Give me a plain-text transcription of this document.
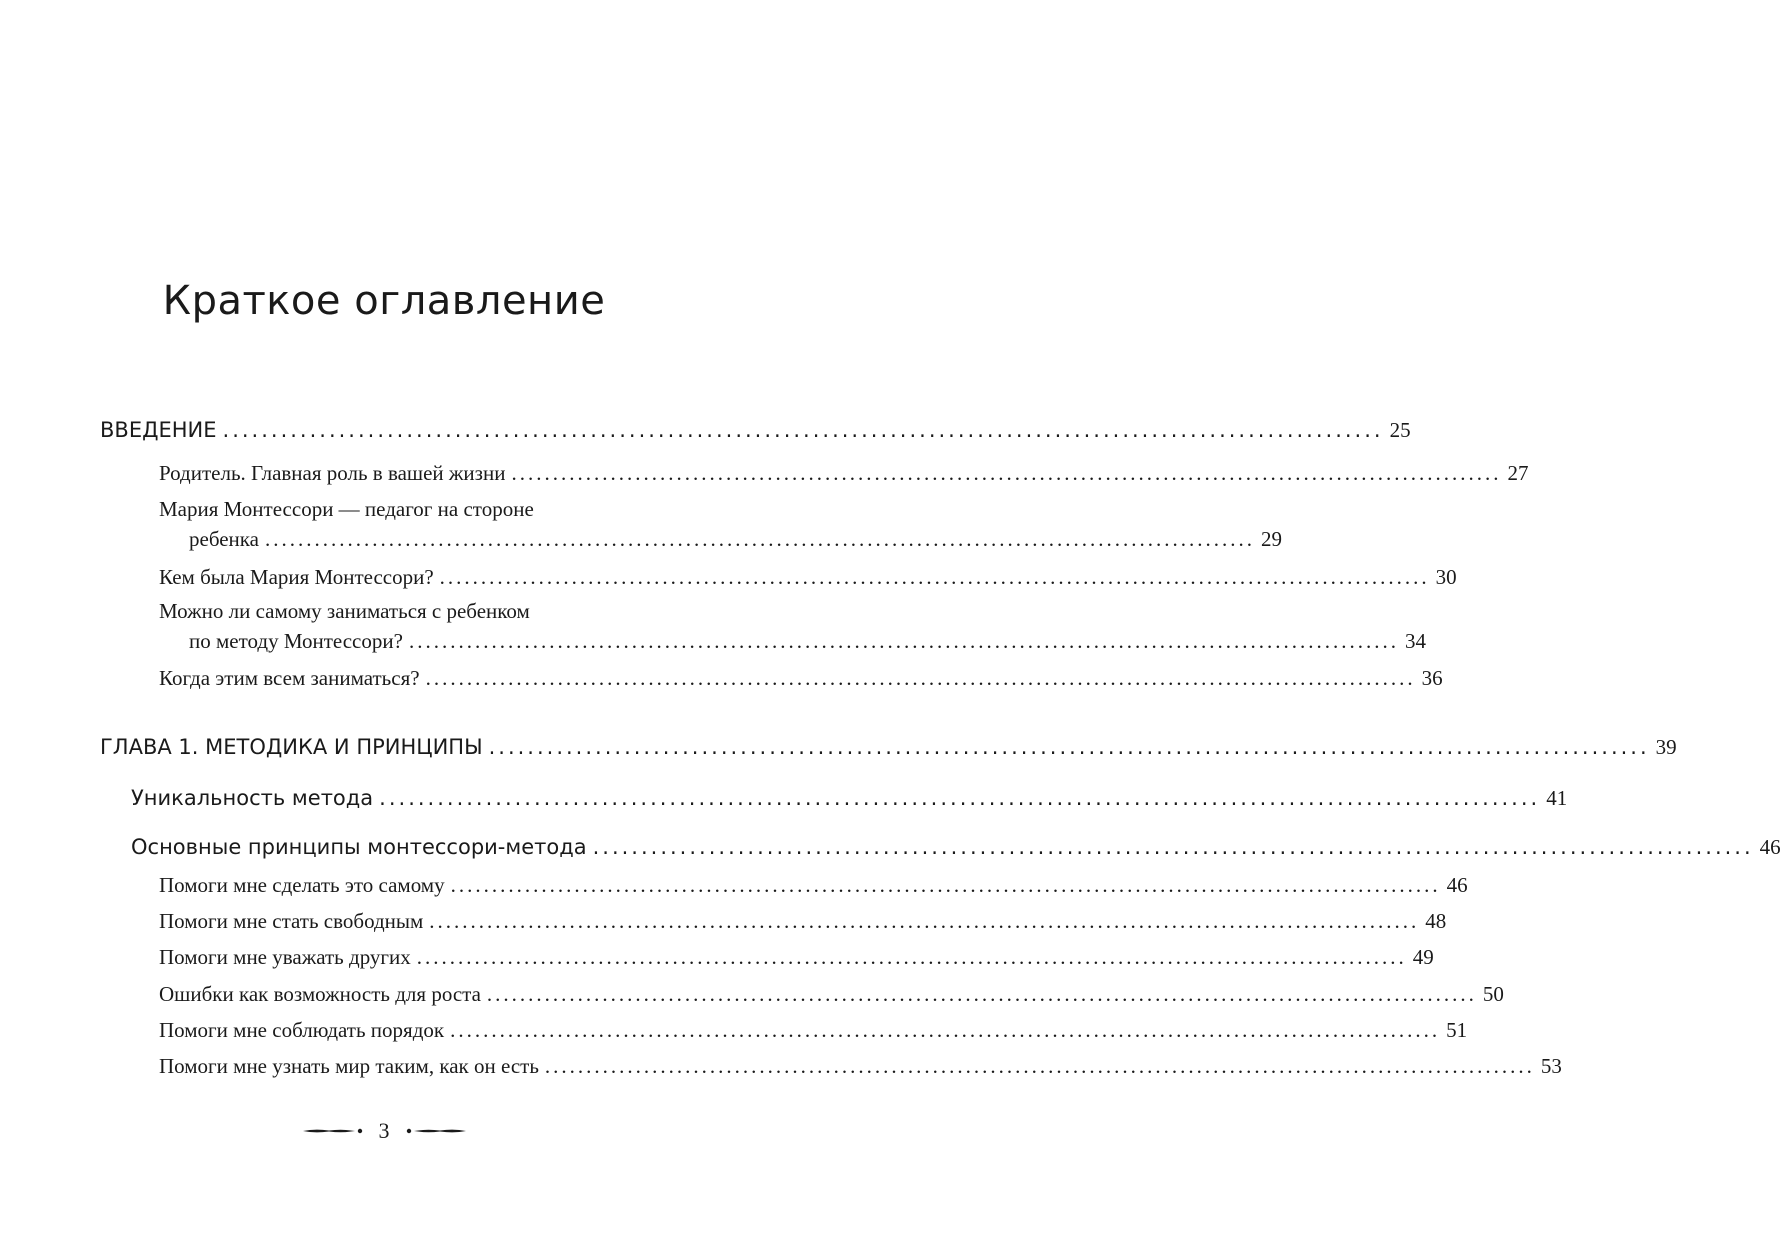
Краткое оглавление
ВВЕДЕНИЕ ........................................................................................................................ 25
Родитель. Главная роль в вашей жизни ........................................................................................................................ 27
Мария Монтессори — педагог на стороне
ребенка ........................................................................................................................ 29
Кем была Мария Монтессори? ........................................................................................................................ 30
Можно ли самому заниматься с ребенком
по методу Монтессори? ........................................................................................................................ 34
Когда этим всем заниматься? ........................................................................................................................ 36
ГЛАВА 1. МЕТОДИКА И ПРИНЦИПЫ ........................................................................................................................ 39
Уникальность метода ........................................................................................................................ 41
Основные принципы монтессори-метода ........................................................................................................................ 46
Помоги мне сделать это самому ........................................................................................................................ 46
Помоги мне стать свободным ........................................................................................................................ 48
Помоги мне уважать других ........................................................................................................................ 49
Ошибки как возможность для роста ........................................................................................................................ 50
Помоги мне соблюдать порядок ........................................................................................................................ 51
Помоги мне узнать мир таким, как он есть ........................................................................................................................ 53
3
